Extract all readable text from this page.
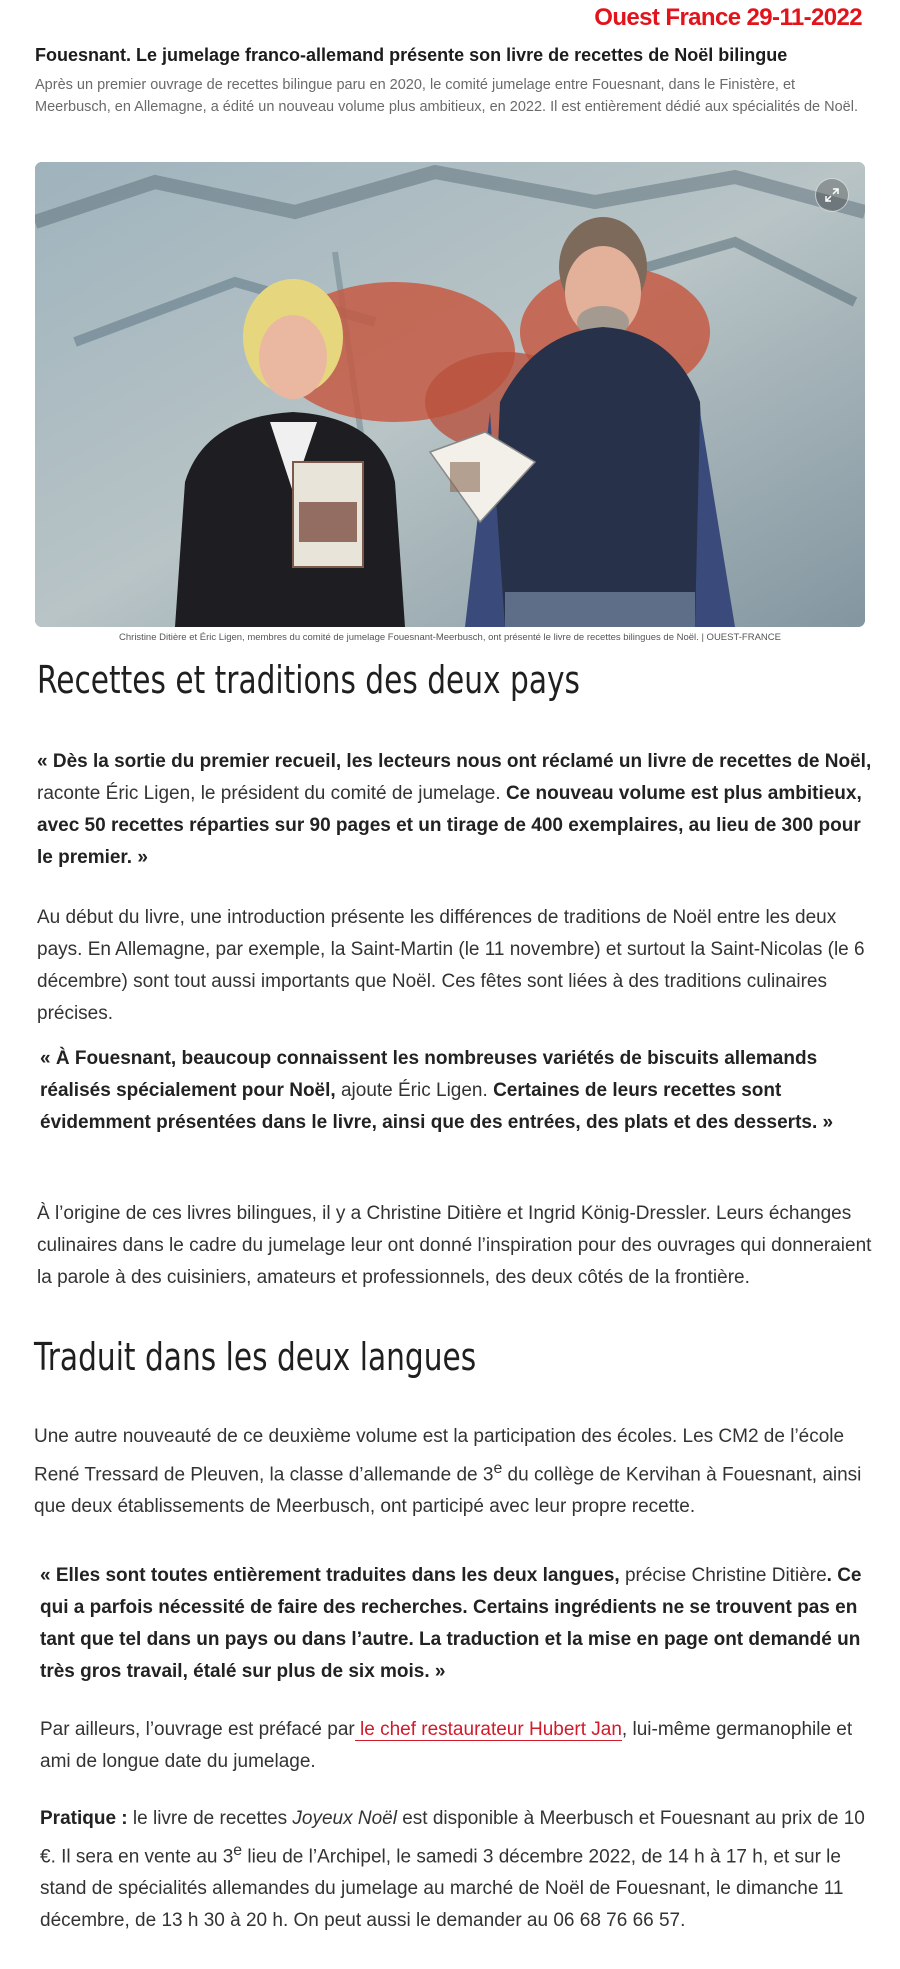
Ouest France 29-11-2022
Fouesnant. Le jumelage franco-allemand présente son livre de recettes de Noël bilingue
Après un premier ouvrage de recettes bilingue paru en 2020, le comité jumelage entre Fouesnant, dans le Finistère, et Meerbusch, en Allemagne, a édité un nouveau volume plus ambitieux, en 2022. Il est entièrement dédié aux spécialités de Noël.
Christine Ditière et Éric Ligen, membres du comité de jumelage Fouesnant-Meerbusch, ont présenté le livre de recettes bilingues de Noël. | OUEST-FRANCE
Recettes et traditions des deux pays
« Dès la sortie du premier recueil, les lecteurs nous ont réclamé un livre de recettes de Noël, raconte Éric Ligen, le président du comité de jumelage. Ce nouveau volume est plus ambitieux, avec 50 recettes réparties sur 90 pages et un tirage de 400 exemplaires, au lieu de 300 pour le premier. »
Au début du livre, une introduction présente les différences de traditions de Noël entre les deux pays. En Allemagne, par exemple, la Saint-Martin (le 11 novembre) et surtout la Saint-Nicolas (le 6 décembre) sont tout aussi importants que Noël. Ces fêtes sont liées à des traditions culinaires précises.
« À Fouesnant, beaucoup connaissent les nombreuses variétés de biscuits allemands réalisés spécialement pour Noël, ajoute Éric Ligen. Certaines de leurs recettes sont évidemment présentées dans le livre, ainsi que des entrées, des plats et des desserts. »
À l’origine de ces livres bilingues, il y a Christine Ditière et Ingrid König-Dressler. Leurs échanges culinaires dans le cadre du jumelage leur ont donné l’inspiration pour des ouvrages qui donneraient la parole à des cuisiniers, amateurs et professionnels, des deux côtés de la frontière.
Traduit dans les deux langues
Une autre nouveauté de ce deuxième volume est la participation des écoles. Les CM2 de l’école René Tressard de Pleuven, la classe d’allemande de 3e du collège de Kervihan à Fouesnant, ainsi que deux établissements de Meerbusch, ont participé avec leur propre recette.
« Elles sont toutes entièrement traduites dans les deux langues, précise Christine Ditière. Ce qui a parfois nécessité de faire des recherches. Certains ingrédients ne se trouvent pas en tant que tel dans un pays ou dans l’autre. La traduction et la mise en page ont demandé un très gros travail, étalé sur plus de six mois. »
Par ailleurs, l’ouvrage est préfacé par le chef restaurateur Hubert Jan, lui-même germanophile et ami de longue date du jumelage.
Pratique : le livre de recettes Joyeux Noël est disponible à Meerbusch et Fouesnant au prix de 10 €. Il sera en vente au 3e lieu de l’Archipel, le samedi 3 décembre 2022, de 14 h à 17 h, et sur le stand de spécialités allemandes du jumelage au marché de Noël de Fouesnant, le dimanche 11 décembre, de 13 h 30 à 20 h. On peut aussi le demander au 06 68 76 66 57.
